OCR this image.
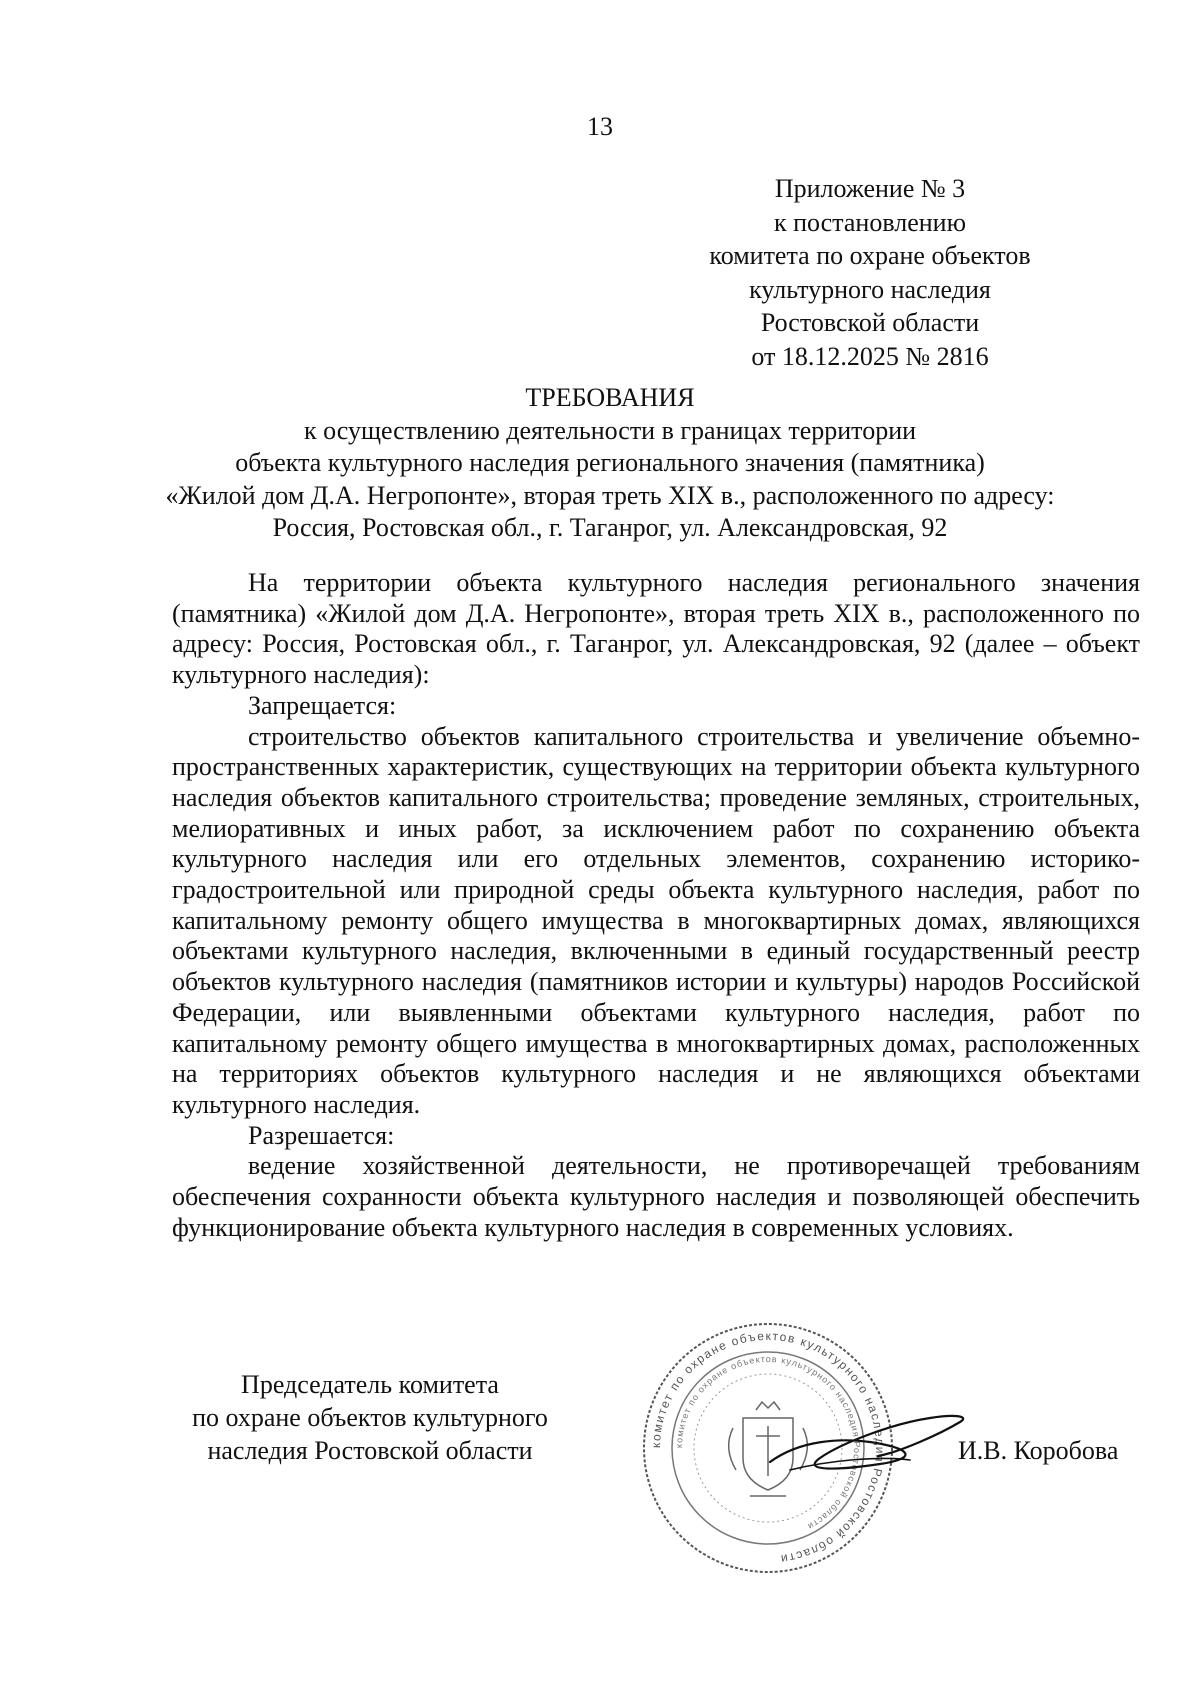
13
Приложение № 3
к постановлению
комитета по охране объектов
культурного наследия
Ростовской области
от 18.12.2025 № 2816
ТРЕБОВАНИЯ
к осуществлению деятельности в границах территории
объекта культурного наследия регионального значения (памятника)
«Жилой дом Д.А. Негропонте», вторая треть XIX в., расположенного по адресу:
Россия, Ростовская обл., г. Таганрог, ул. Александровская, 92

На территории объекта культурного наследия регионального значения (памятника) «Жилой дом Д.А. Негропонте», вторая треть XIX в., расположенного по адресу: Россия, Ростовская обл., г. Таганрог, ул. Александровская, 92 (далее – объект культурного наследия):

Запрещается:

строительство объектов капитального строительства и увеличение объемно-пространственных характеристик, существующих на территории объекта культурного наследия объектов капитального строительства; проведение земляных, строительных, мелиоративных и иных работ, за исключением работ по сохранению объекта культурного наследия или его отдельных элементов, сохранению историко-градостроительной или природной среды объекта культурного наследия, работ по капитальному ремонту общего имущества в многоквартирных домах, являющихся объектами культурного наследия, включенными в единый государственный реестр объектов культурного наследия (памятников истории и культуры) народов Российской Федерации, или выявленными объектами культурного наследия, работ по капитальному ремонту общего имущества в многоквартирных домах, расположенных на территориях объектов культурного наследия и не являющихся объектами культурного наследия.

Разрешается:

ведение хозяйственной деятельности, не противоречащей требованиям обеспечения сохранности объекта культурного наследия и позволяющей обеспечить функционирование объекта культурного наследия в современных условиях.

Председатель комитета
по охране объектов культурного
наследия Ростовской области	комитет по охране объектов культурного наследия Ростовской области
комитет по охране объектов культурного наследия Ростовской области
И.В. Коробова
